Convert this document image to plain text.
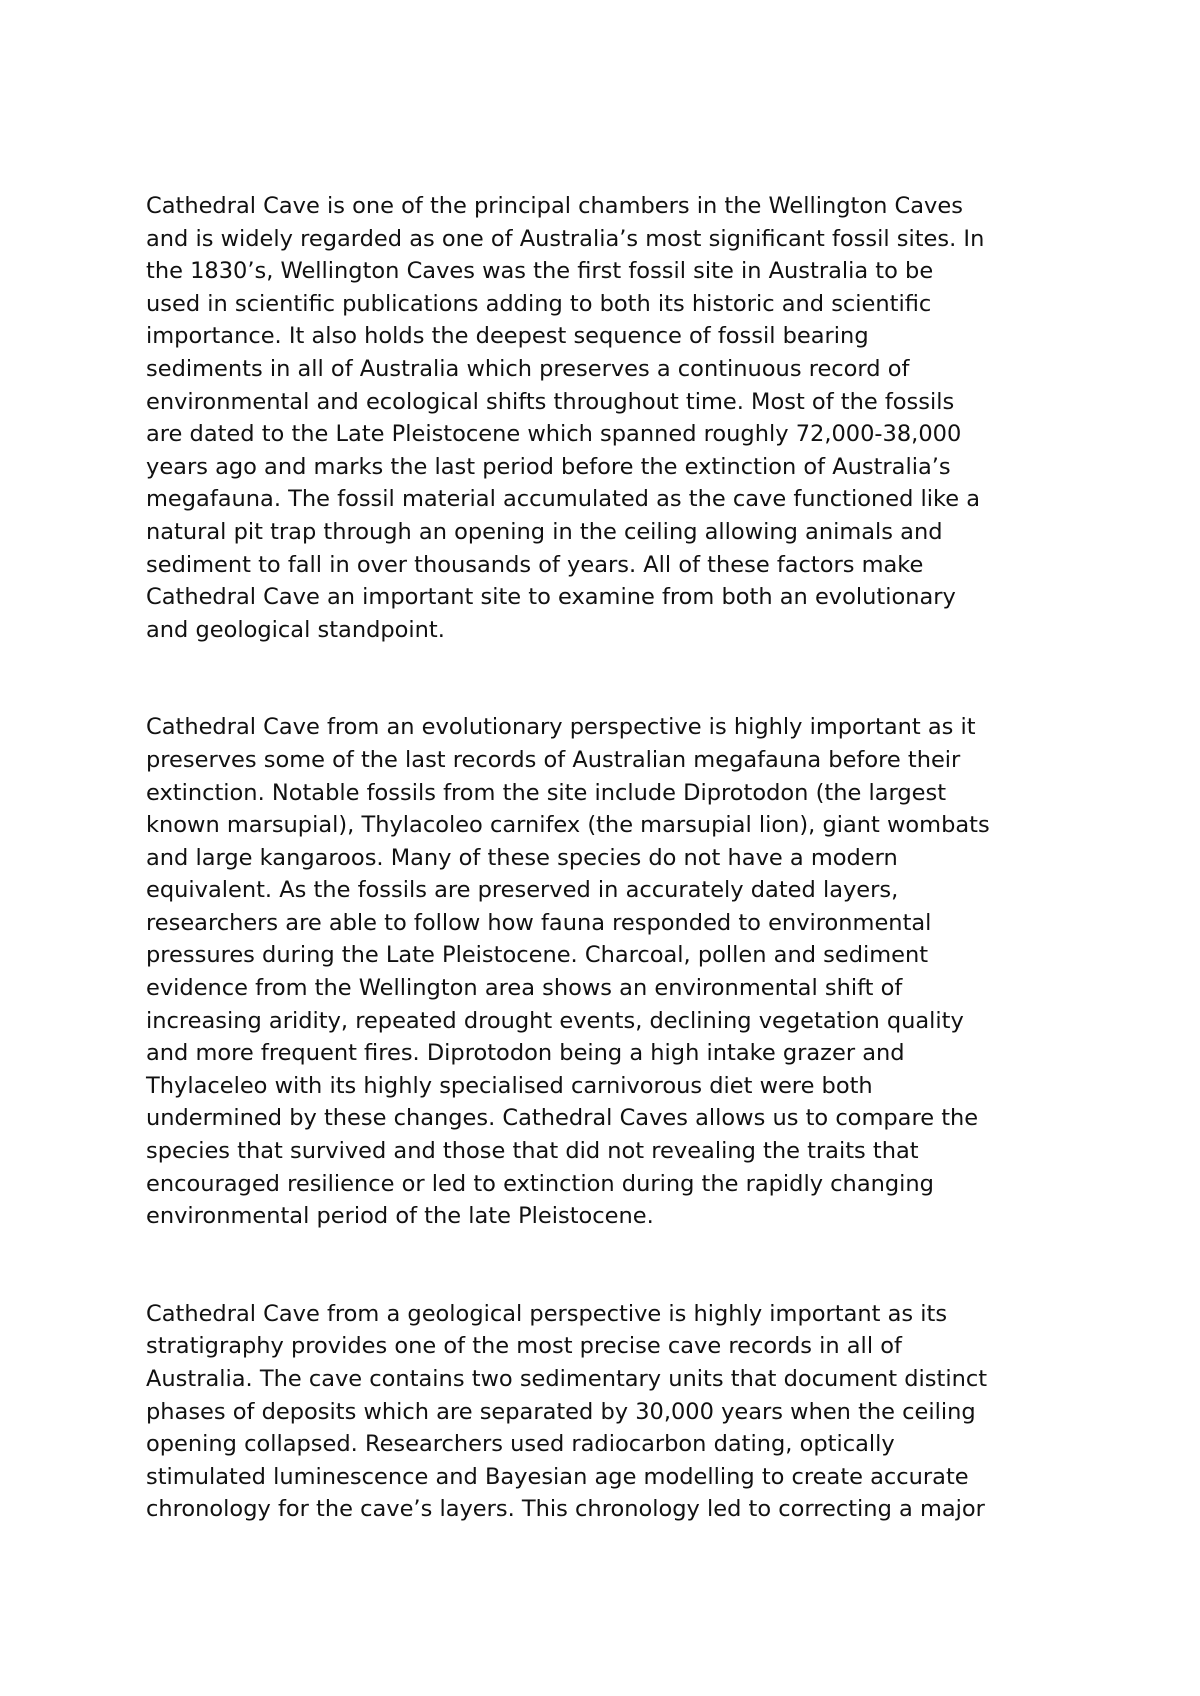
Cathedral Cave is one of the principal chambers in the Wellington Caves
and is widely regarded as one of Australia’s most significant fossil sites. In
the 1830’s, Wellington Caves was the first fossil site in Australia to be
used in scientific publications adding to both its historic and scientific
importance. It also holds the deepest sequence of fossil bearing
sediments in all of Australia which preserves a continuous record of
environmental and ecological shifts throughout time. Most of the fossils
are dated to the Late Pleistocene which spanned roughly 72,000-38,000
years ago and marks the last period before the extinction of Australia’s
megafauna. The fossil material accumulated as the cave functioned like a
natural pit trap through an opening in the ceiling allowing animals and
sediment to fall in over thousands of years. All of these factors make
Cathedral Cave an important site to examine from both an evolutionary
and geological standpoint.

Cathedral Cave from an evolutionary perspective is highly important as it
preserves some of the last records of Australian megafauna before their
extinction. Notable fossils from the site include Diprotodon (the largest
known marsupial), Thylacoleo carnifex (the marsupial lion), giant wombats
and large kangaroos. Many of these species do not have a modern
equivalent. As the fossils are preserved in accurately dated layers,
researchers are able to follow how fauna responded to environmental
pressures during the Late Pleistocene. Charcoal, pollen and sediment
evidence from the Wellington area shows an environmental shift of
increasing aridity, repeated drought events, declining vegetation quality
and more frequent fires. Diprotodon being a high intake grazer and
Thylaceleo with its highly specialised carnivorous diet were both
undermined by these changes. Cathedral Caves allows us to compare the
species that survived and those that did not revealing the traits that
encouraged resilience or led to extinction during the rapidly changing
environmental period of the late Pleistocene.

Cathedral Cave from a geological perspective is highly important as its
stratigraphy provides one of the most precise cave records in all of
Australia. The cave contains two sedimentary units that document distinct
phases of deposits which are separated by 30,000 years when the ceiling
opening collapsed. Researchers used radiocarbon dating, optically
stimulated luminescence and Bayesian age modelling to create accurate
chronology for the cave’s layers. This chronology led to correcting a major
